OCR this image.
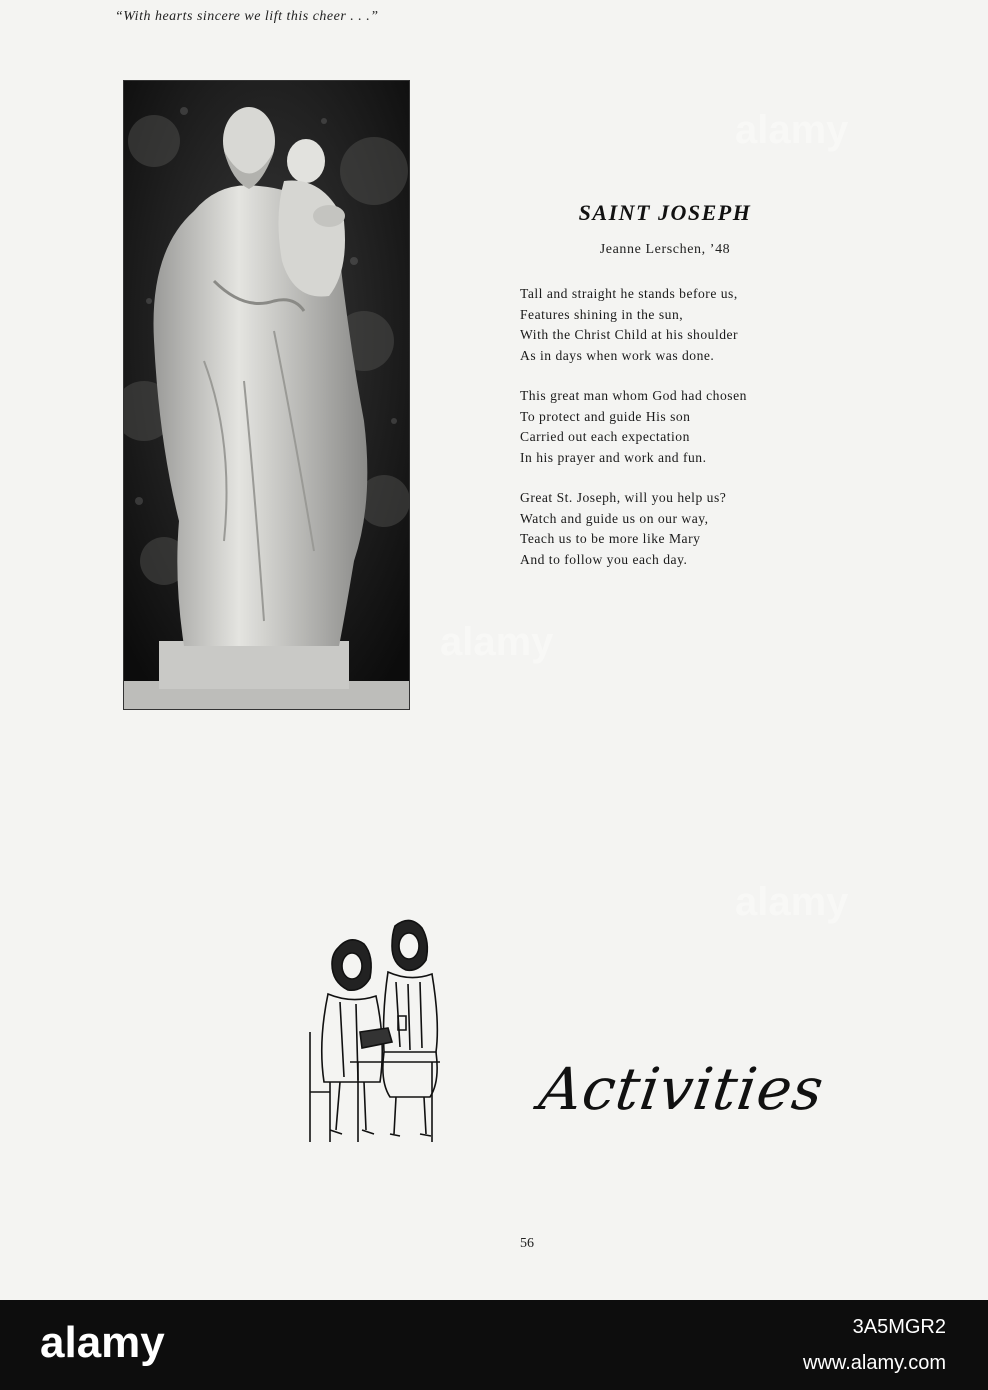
“With hearts sincere we lift this cheer . . .”
SAINT JOSEPH
Jeanne Lerschen, ’48
Tall and straight he stands before us,
Features shining in the sun,
With the Christ Child at his shoulder
As in days when work was done.
This great man whom God had chosen
To protect and guide His son
Carried out each expectation
In his prayer and work and fun.
Great St. Joseph, will you help us?
Watch and guide us on our way,
Teach us to be more like Mary
And to follow you each day.
Activities
56
alamy
alamy
alamy
alamy	3A5MGR2
www.alamy.com
